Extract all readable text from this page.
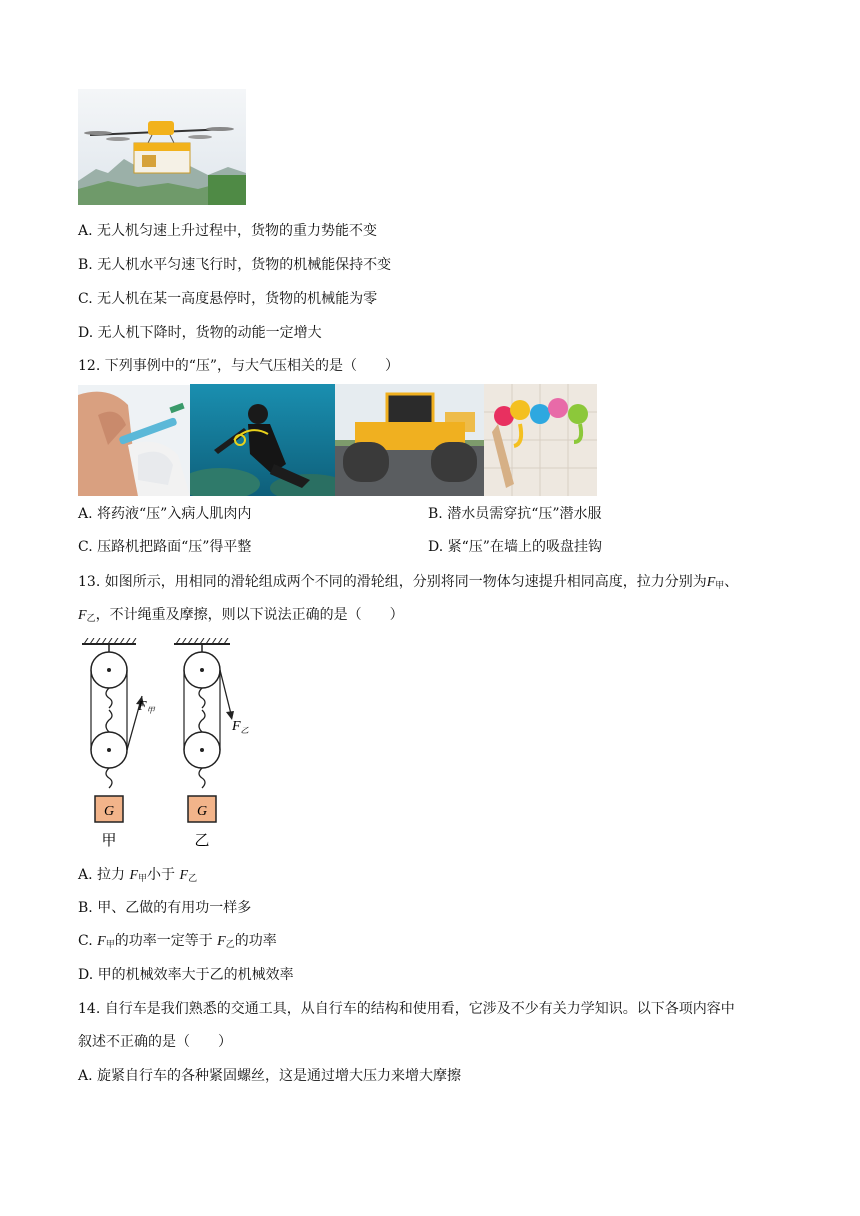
A. 无人机匀速上升过程中，货物的重力势能不变
B. 无人机水平匀速飞行时，货物的机械能保持不变
C. 无人机在某一高度悬停时，货物的机械能为零
D. 无人机下降时，货物的动能一定增大
12. 下列事例中的“压”，与大气压相关的是（　　）
A. 将药液“压”入病人肌肉内	B. 潜水员需穿抗“压”潜水服
C. 压路机把路面“压”得平整	D. 紧“压”在墙上的吸盘挂钩
13. 如图所示，用相同的滑轮组成两个不同的滑轮组，分别将同一物体匀速提升相同高度，拉力分别为$F_甲$、
$F_乙$，不计绳重及摩擦，则以下说法正确的是（　　）
$F_甲$
G
甲
$F_乙$
G
乙
A. 拉力 $F_甲$小于 $F_乙$
B. 甲、乙做的有用功一样多
C. $F_甲$的功率一定等于 $F_乙$的功率
D. 甲的机械效率大于乙的机械效率
14. 自行车是我们熟悉的交通工具，从自行车的结构和使用看，它涉及不少有关力学知识。以下各项内容中
叙述不正确的是（　　）
A. 旋紧自行车的各种紧固螺丝，这是通过增大压力来增大摩擦
